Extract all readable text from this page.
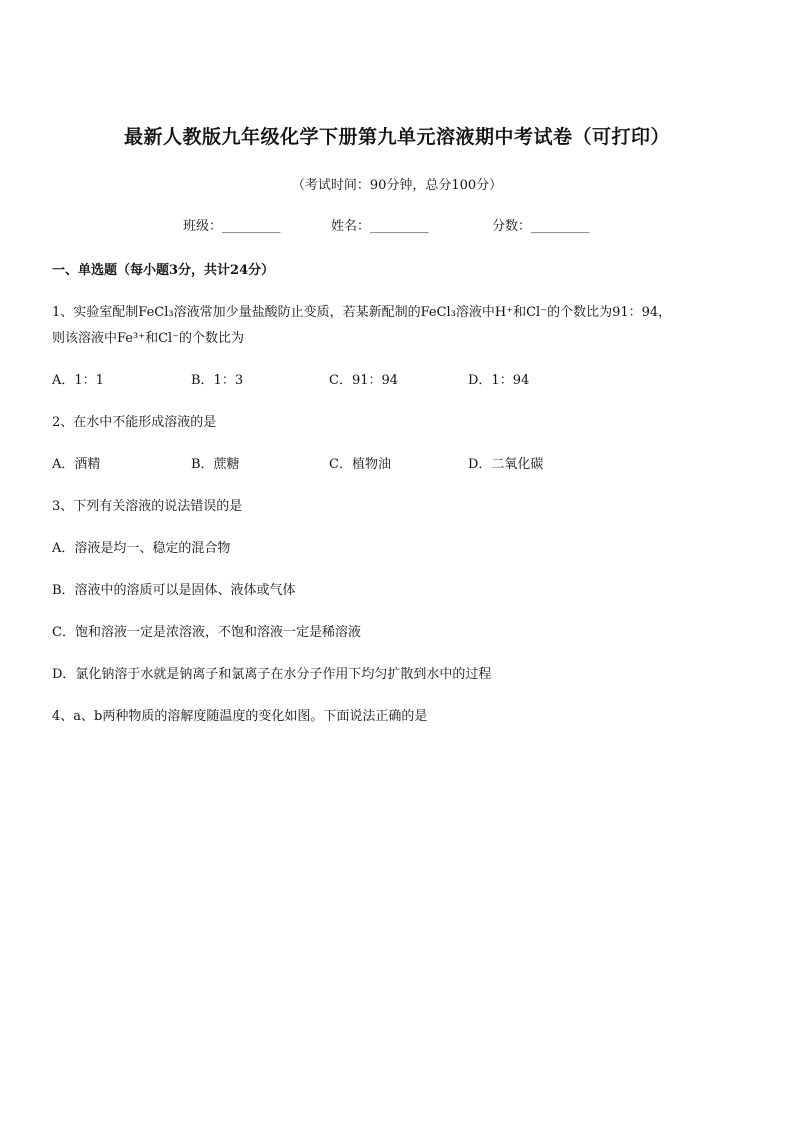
最新人教版九年级化学下册第九单元溶液期中考试卷（可打印）
（考试时间：90分钟，总分100分）
班级：_________	姓名：_________	分数：_________
一、单选题（每小题3分，共计24分）
1、实验室配制FeCl₃溶液常加少量盐酸防止变质，若某新配制的FeCl₃溶液中H⁺和Cl⁻的个数比为91：94，
则该溶液中Fe³⁺和Cl⁻的个数比为
A．1：1	B．1：3	C．91：94	D．1：94
2、在水中不能形成溶液的是
A．酒精	B．蔗糖	C．植物油	D．二氧化碳
3、下列有关溶液的说法错误的是
A．溶液是均一、稳定的混合物
B．溶液中的溶质可以是固体、液体或气体
C．饱和溶液一定是浓溶液，不饱和溶液一定是稀溶液
D．氯化钠溶于水就是钠离子和氯离子在水分子作用下均匀扩散到水中的过程
4、a、b两种物质的溶解度随温度的变化如图。下面说法正确的是
